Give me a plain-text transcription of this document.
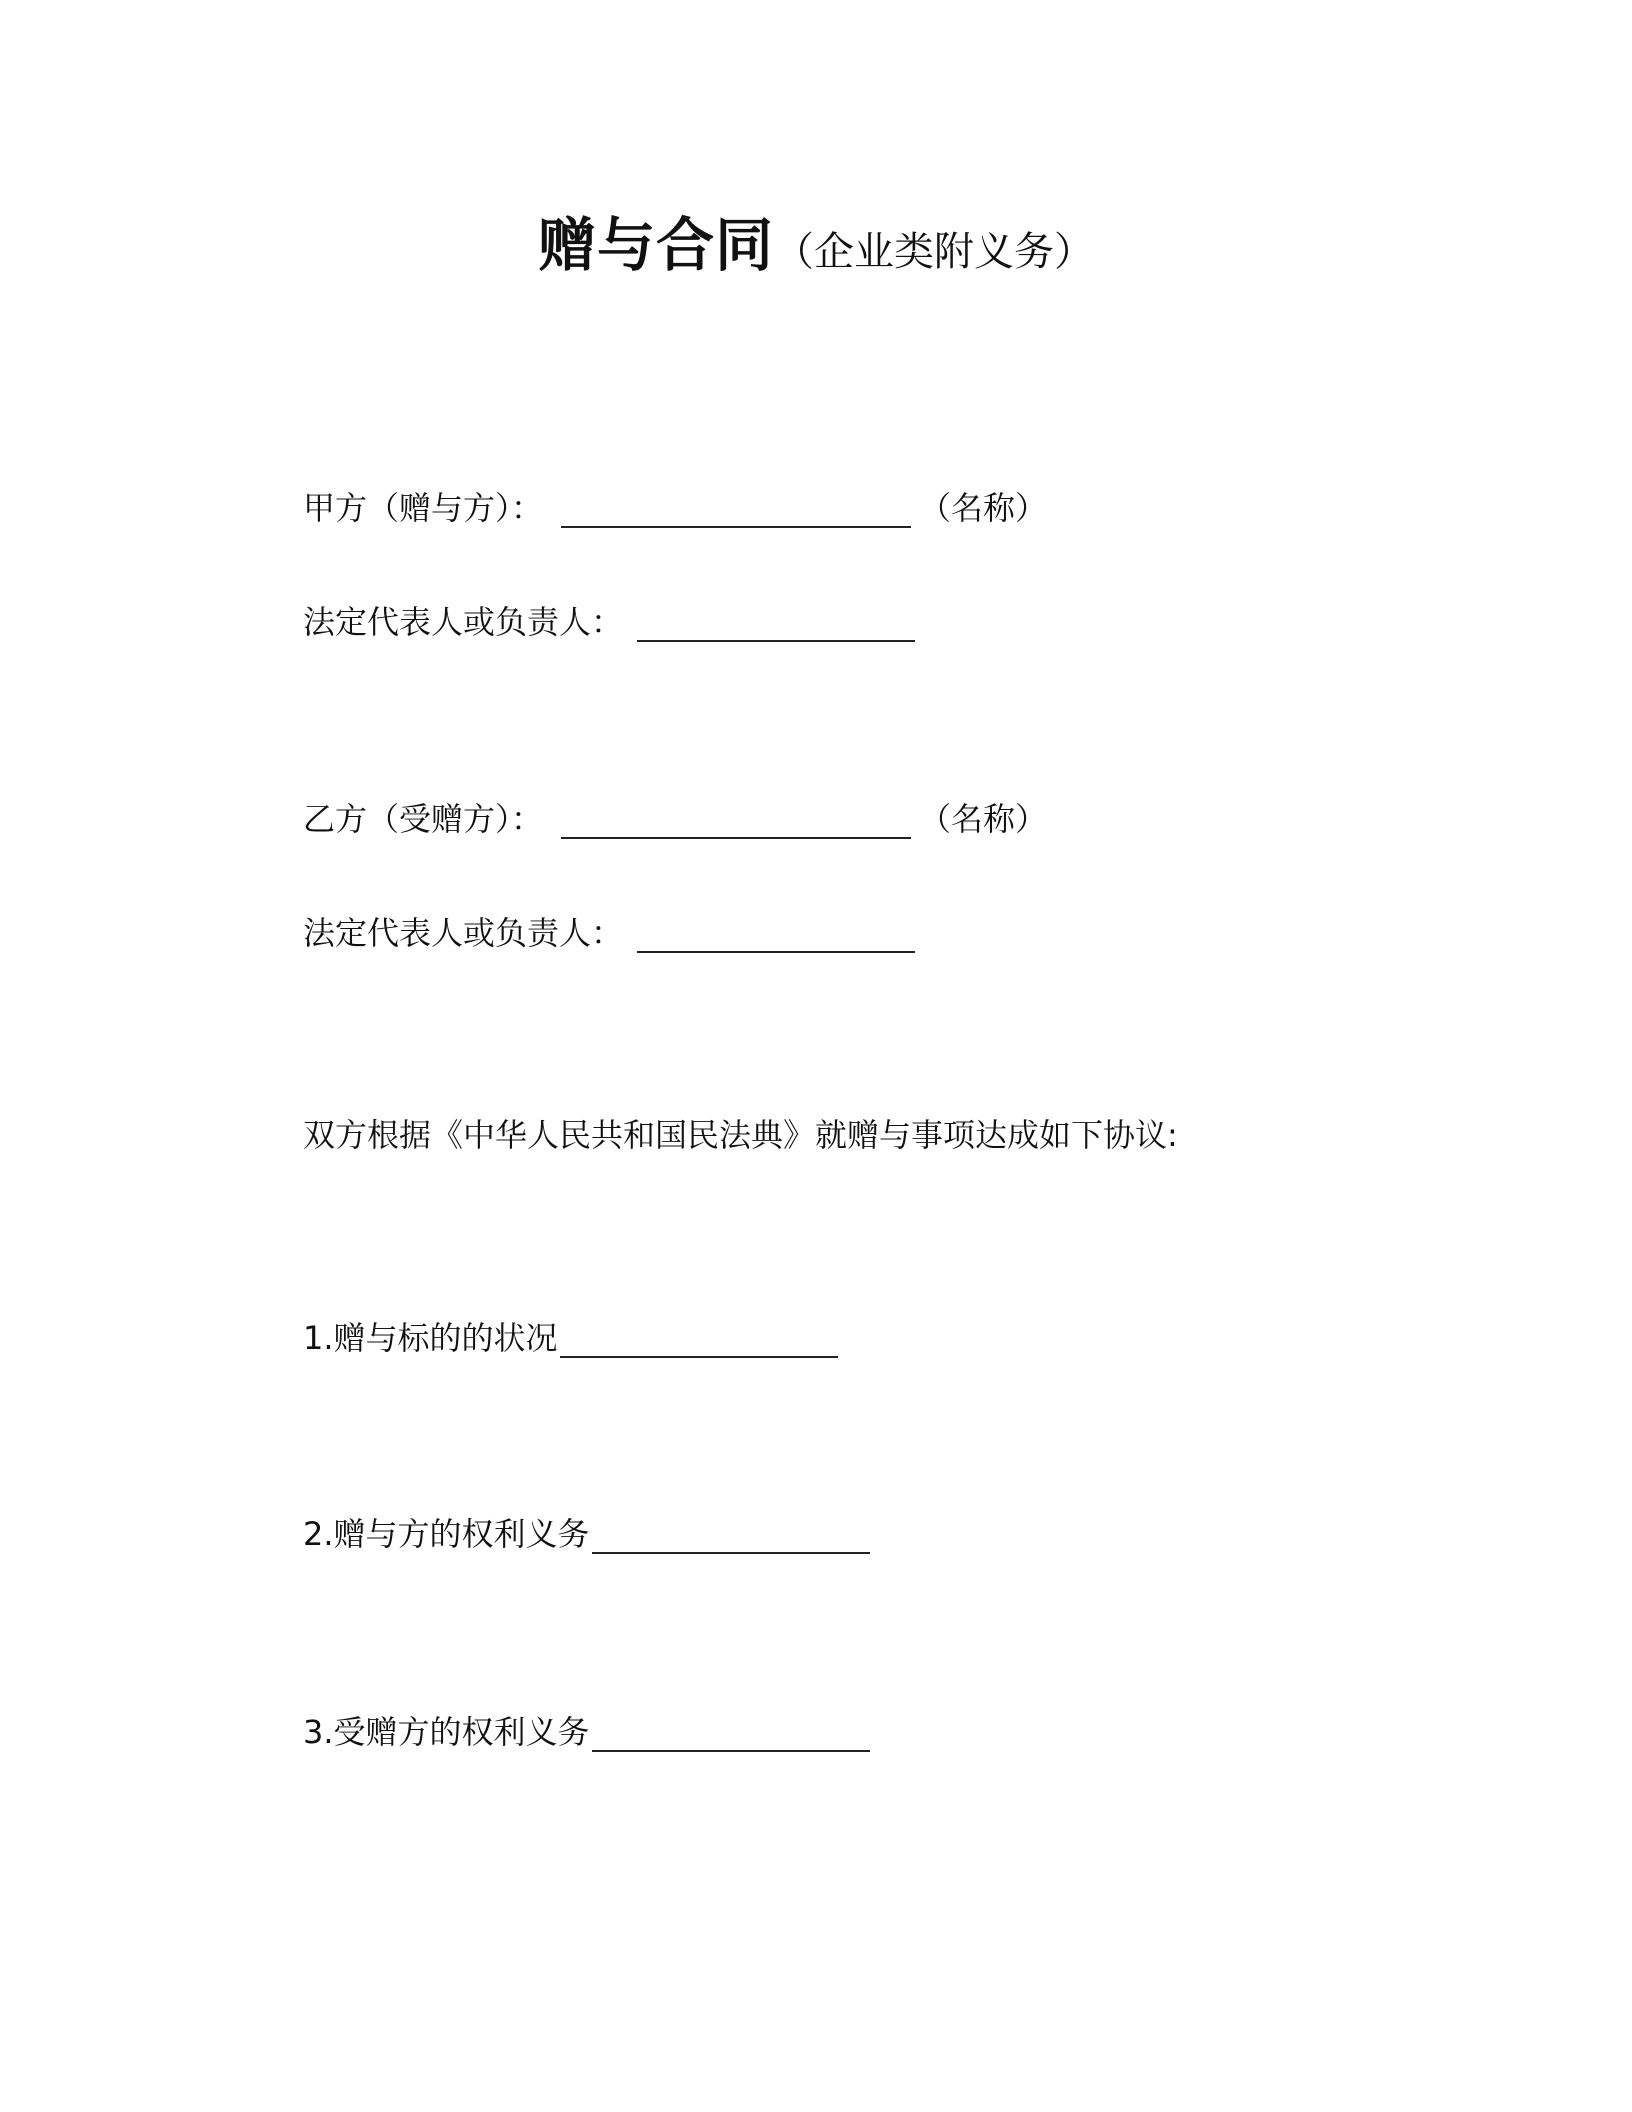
赠与合同（企业类附义务）
甲方（赠与方）：	（名称）
法定代表人或负责人：
乙方（受赠方）：	（名称）
法定代表人或负责人：
双方根据《中华人民共和国民法典》就赠与事项达成如下协议:
1.赠与标的的状况
2.赠与方的权利义务
3.受赠方的权利义务
